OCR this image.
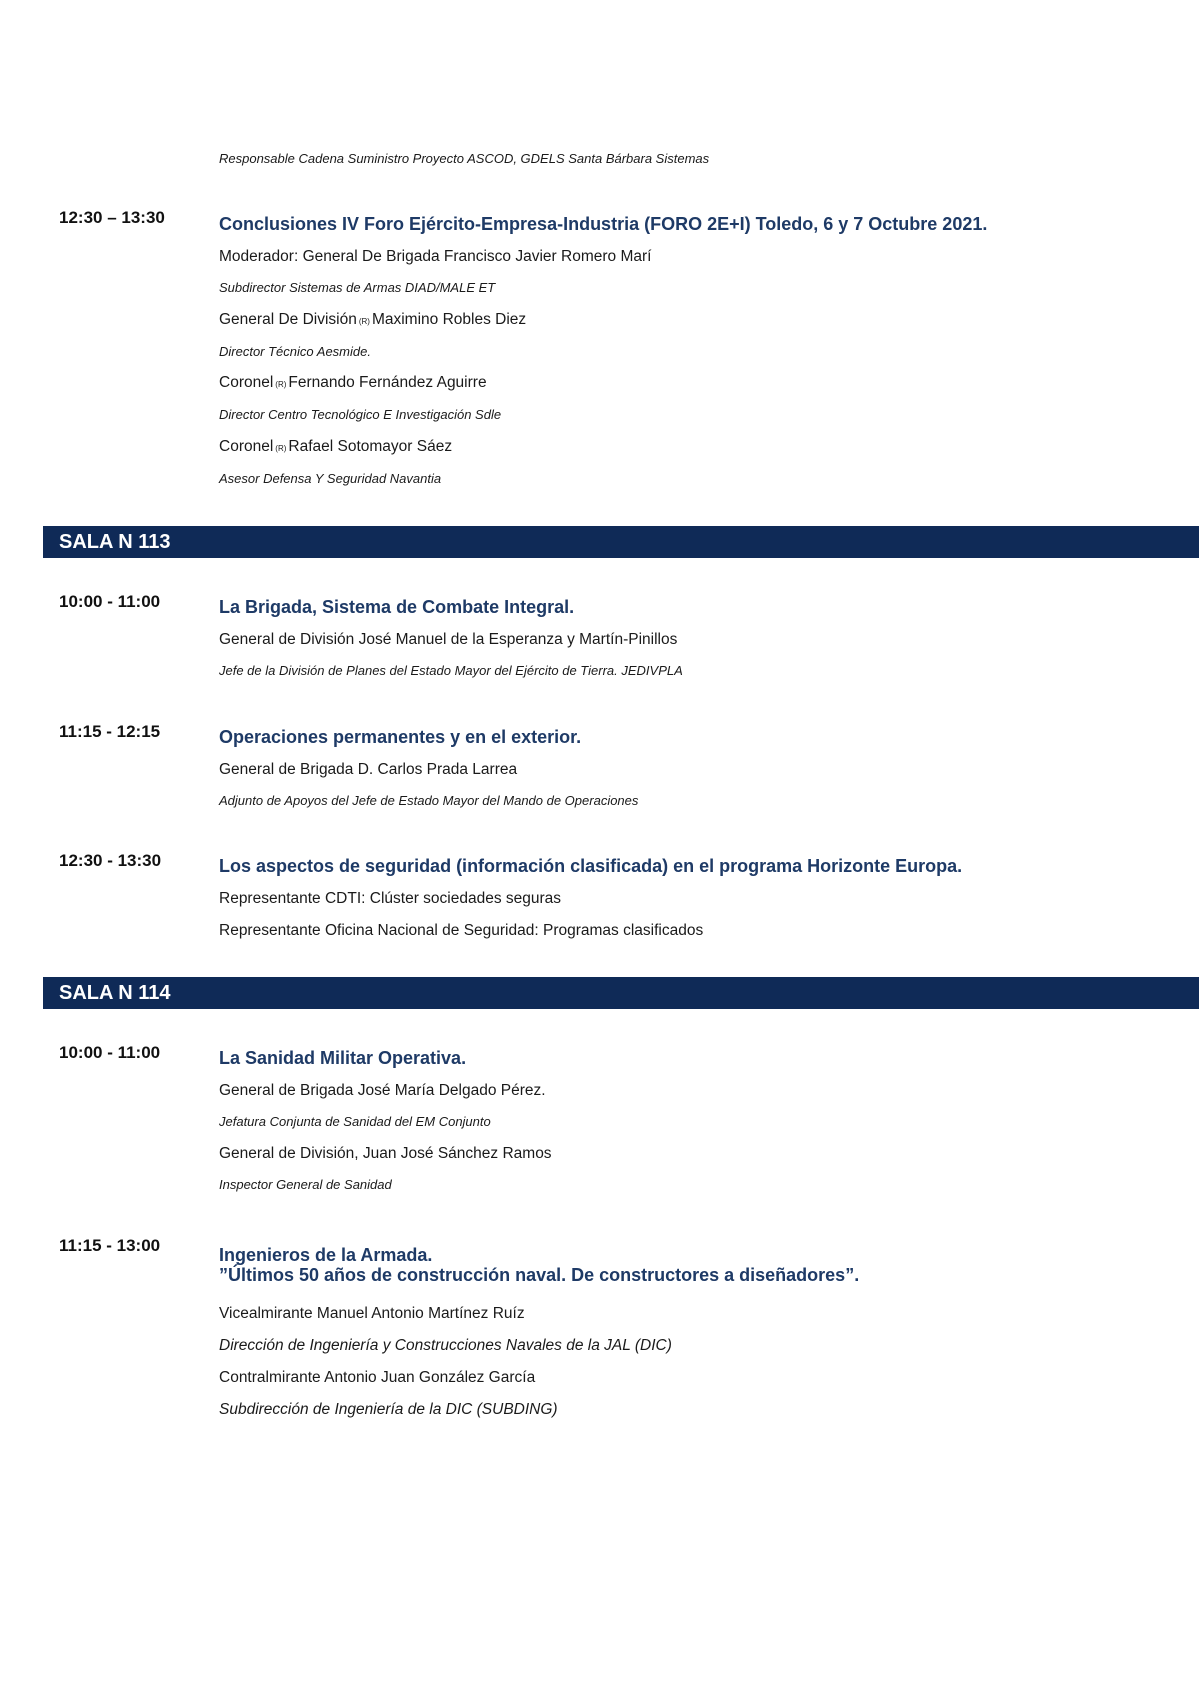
Responsable Cadena Suministro Proyecto ASCOD, GDELS Santa Bárbara Sistemas
12:30 – 13:30	Conclusiones IV Foro Ejército-Empresa-Industria (FORO 2E+I) Toledo, 6 y 7 Octubre 2021.
Moderador: General De Brigada Francisco Javier Romero Marí
Subdirector Sistemas de Armas DIAD/MALE ET
General De División (R) Maximino Robles Diez
Director Técnico Aesmide.
Coronel (R) Fernando Fernández Aguirre
Director Centro Tecnológico E Investigación Sdle
Coronel (R) Rafael Sotomayor Sáez
Asesor Defensa Y Seguridad Navantia
SALA N 113
10:00 - 11:00	La Brigada, Sistema de Combate Integral.
General de División José Manuel de la Esperanza y Martín-Pinillos
Jefe de la División de Planes del Estado Mayor del Ejército de Tierra. JEDIVPLA
11:15 - 12:15	Operaciones permanentes y en el exterior.
General de Brigada D. Carlos Prada Larrea
Adjunto de Apoyos del Jefe de Estado Mayor del Mando de Operaciones
12:30 - 13:30	Los aspectos de seguridad (información clasificada) en el programa Horizonte Europa.
Representante CDTI: Clúster sociedades seguras
Representante Oficina Nacional de Seguridad: Programas clasificados
SALA N 114
10:00 - 11:00	La Sanidad Militar Operativa.
General de Brigada José María Delgado Pérez.
Jefatura Conjunta de Sanidad del EM Conjunto
General de División, Juan José Sánchez Ramos
Inspector General de Sanidad
11:15 - 13:00	Ingenieros de la Armada.
”Últimos 50 años de construcción naval. De constructores a diseñadores”.
Vicealmirante Manuel Antonio Martínez Ruíz
Dirección de Ingeniería y Construcciones Navales de la JAL (DIC)
Contralmirante Antonio Juan González García
Subdirección de Ingeniería de la DIC (SUBDING)
